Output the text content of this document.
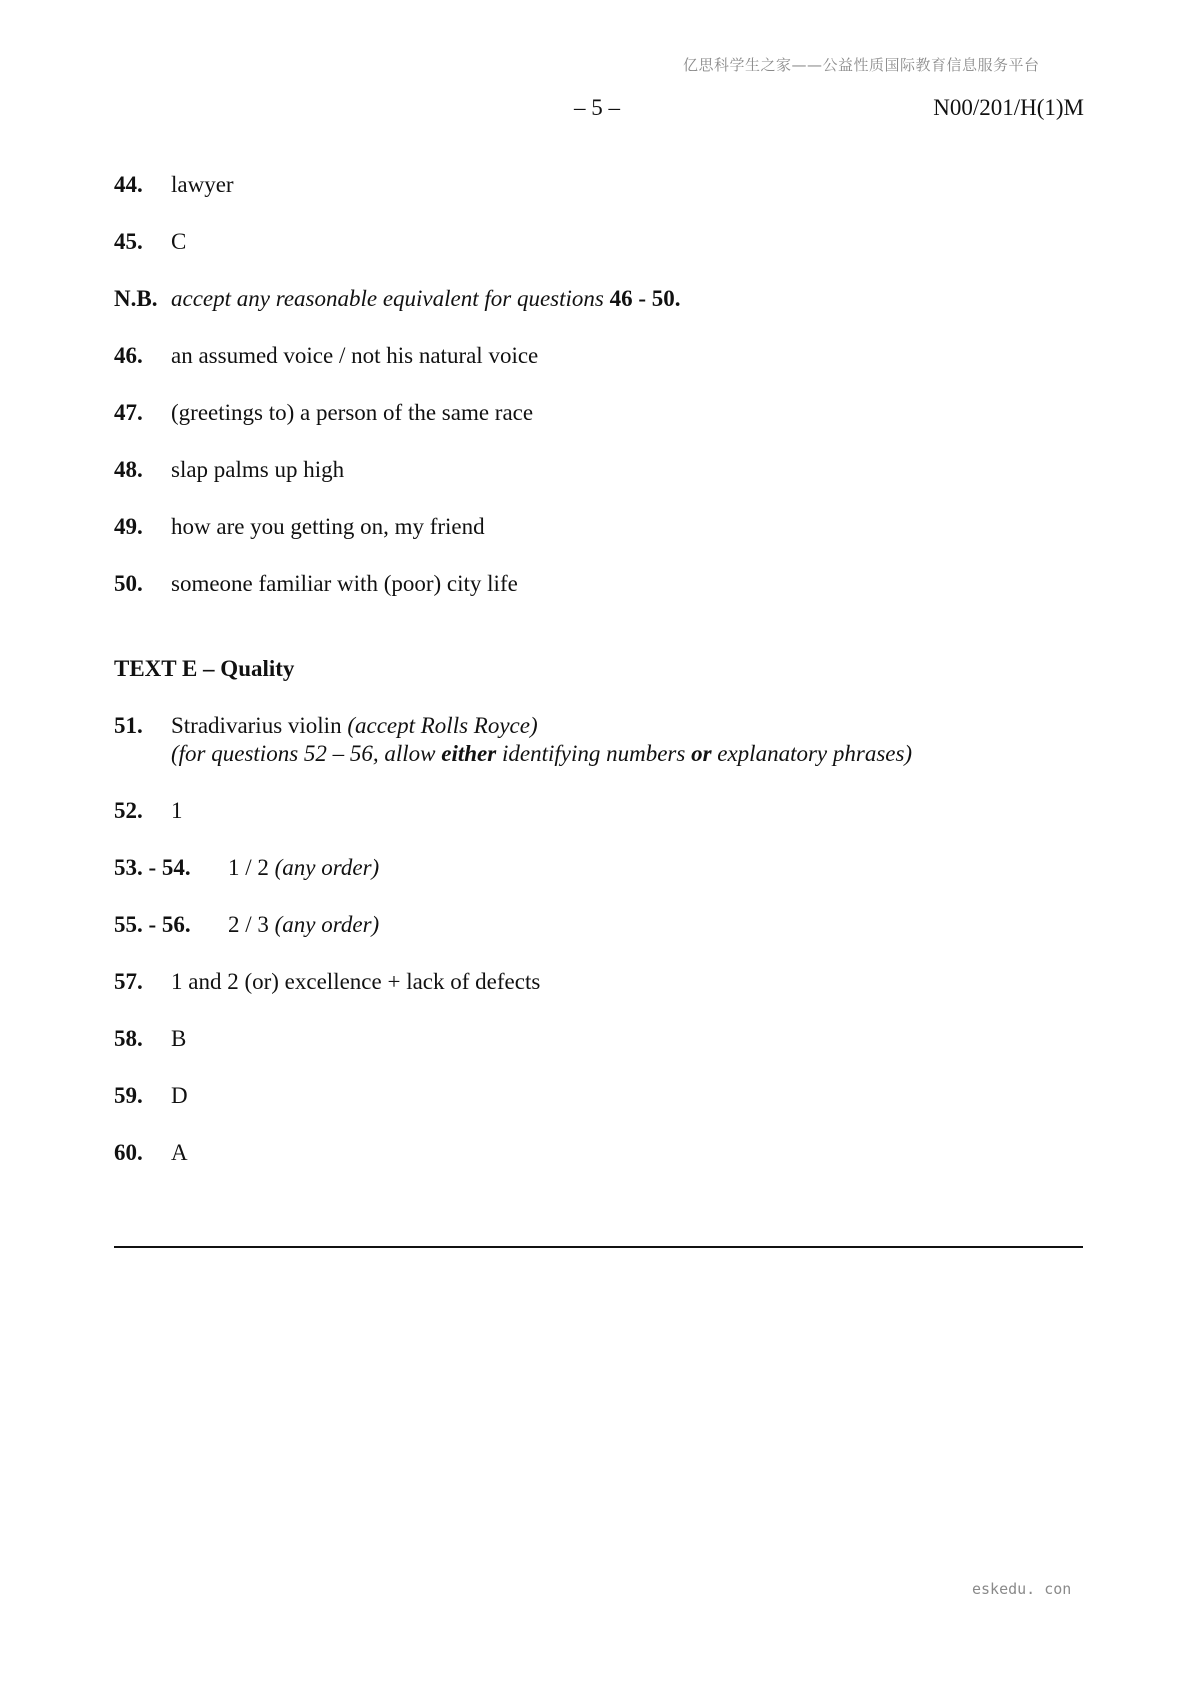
亿思科学生之家——公益性质国际教育信息服务平台
– 5 –	N00/201/H(1)M
44. lawyer
45. C
N.B. accept any reasonable equivalent for questions 46 - 50.
46. an assumed voice / not his natural voice
47. (greetings to) a person of the same race
48. slap palms up high
49. how are you getting on, my friend
50. someone familiar with (poor) city life
TEXT E – Quality
51. Stradivarius violin (accept Rolls Royce)
(for questions 52 – 56, allow either identifying numbers or explanatory phrases)
52. 1
53. - 54. 1 / 2 (any order)
55. - 56. 2 / 3 (any order)
57. 1 and 2 (or) excellence + lack of defects
58. B
59. D
60. A
eskedu. con
